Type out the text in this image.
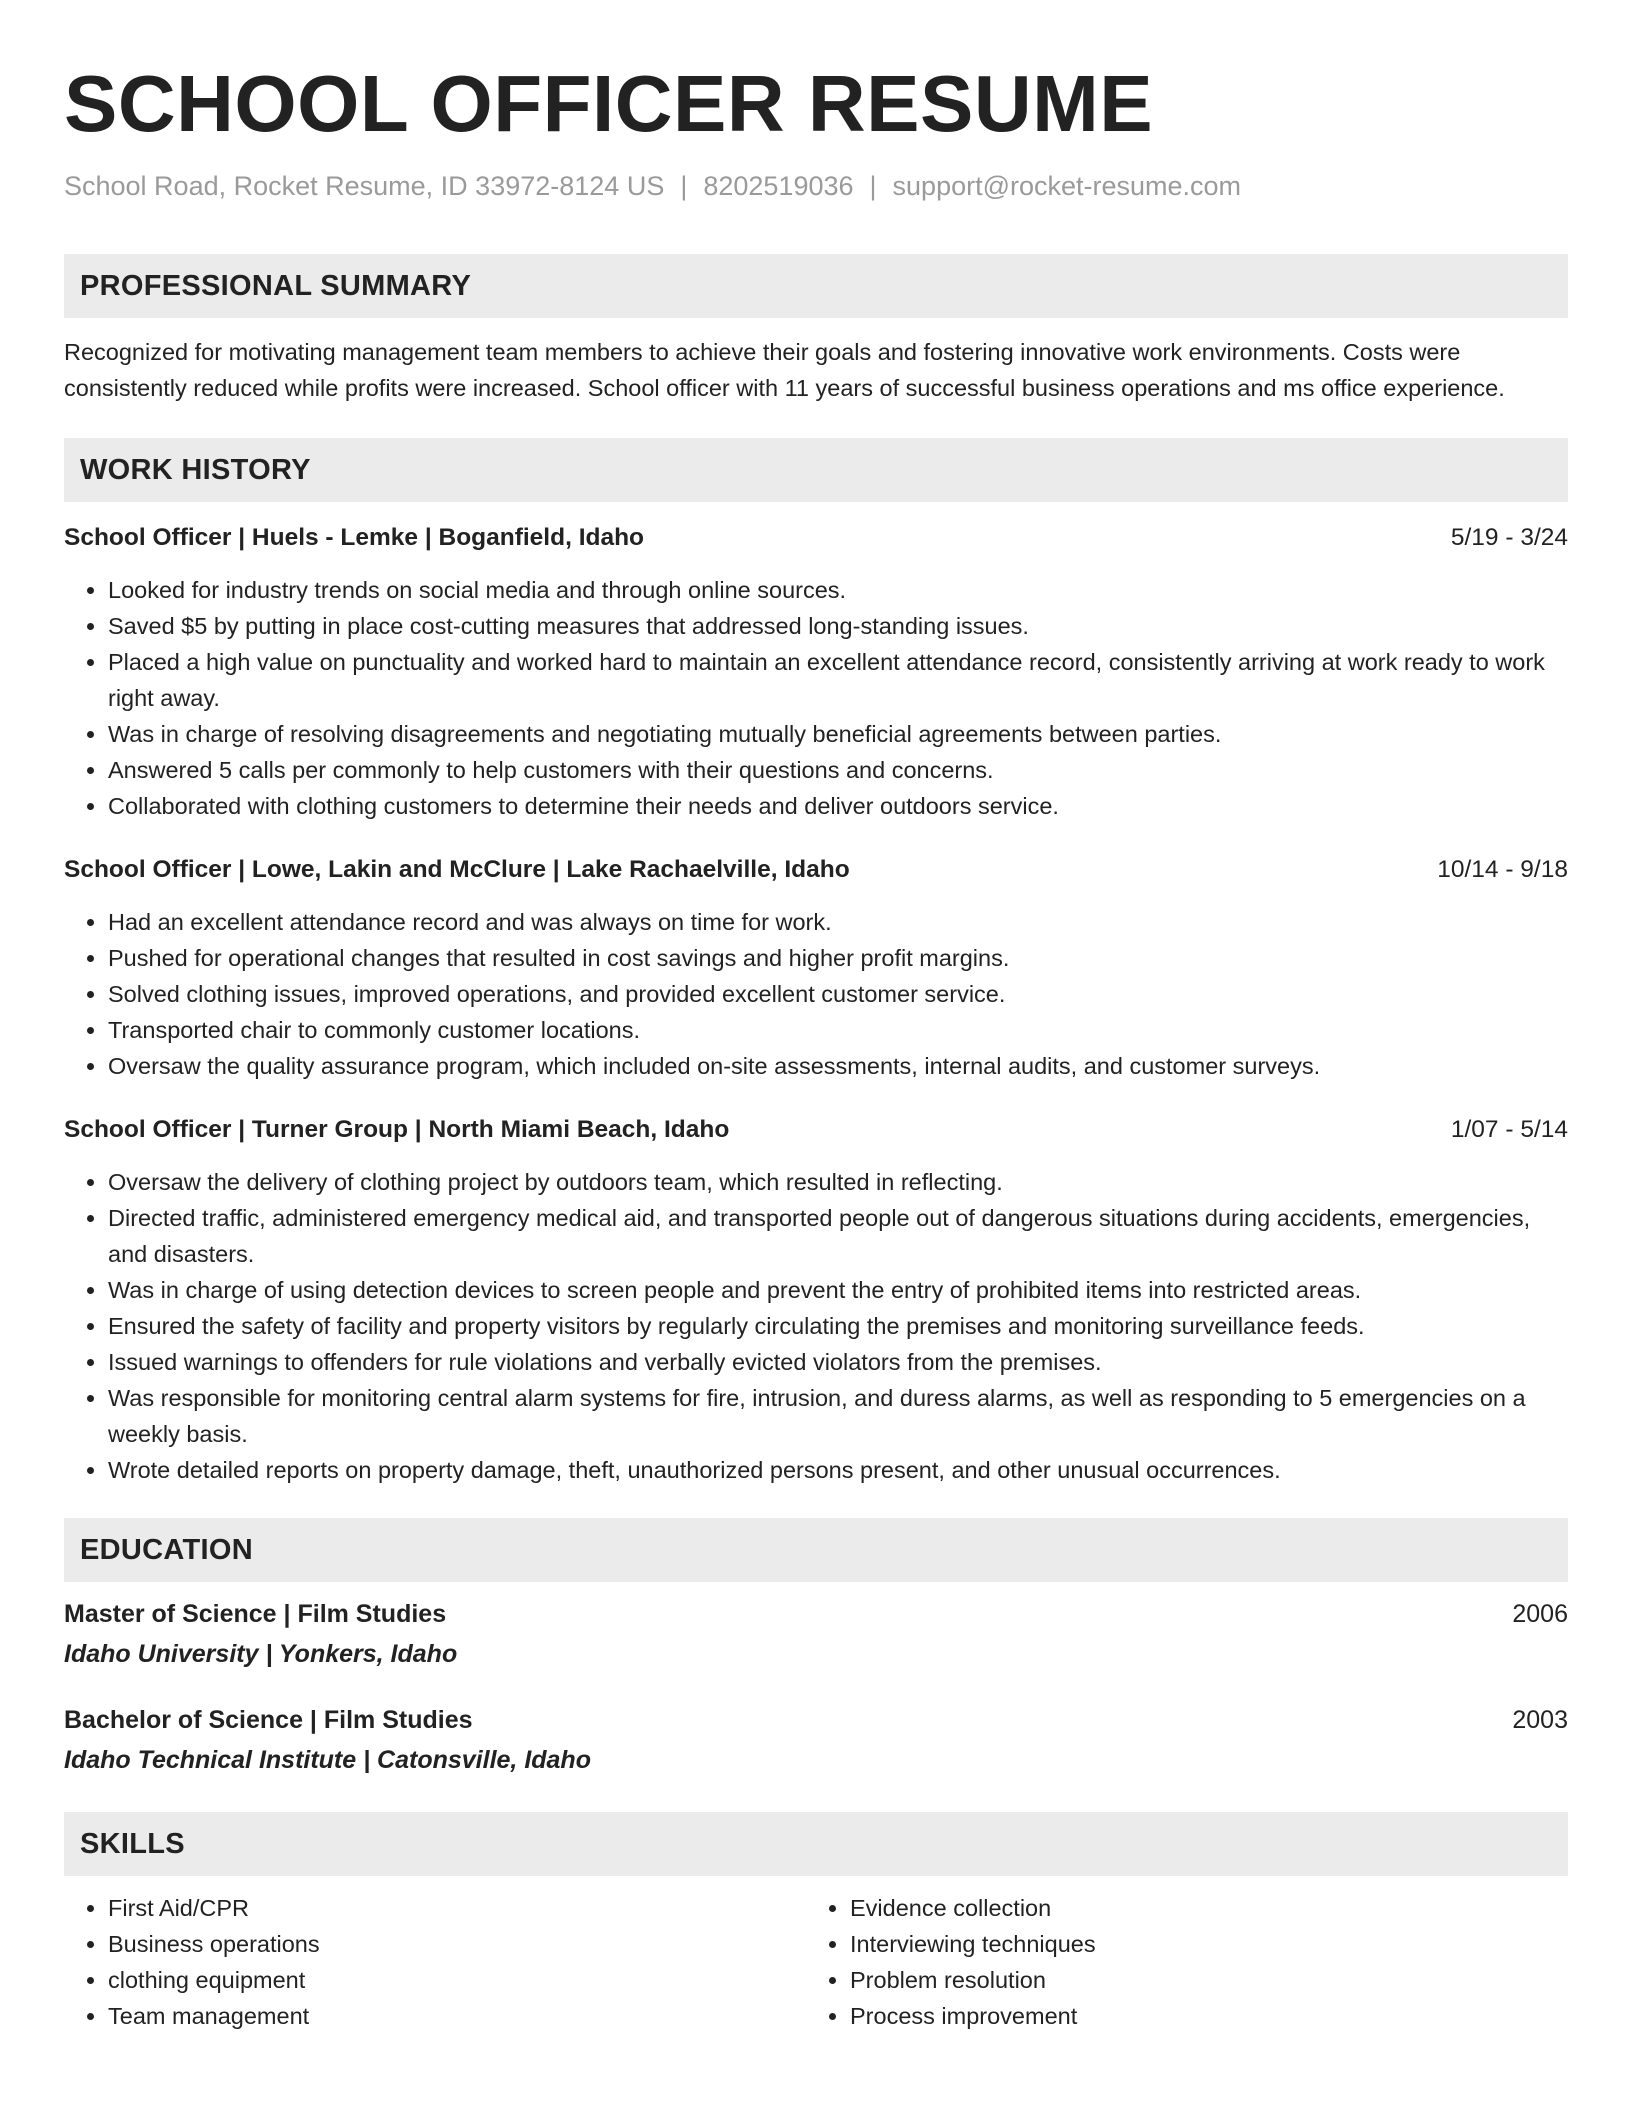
SCHOOL OFFICER RESUME
School Road, Rocket Resume, ID 33972-8124 US | 8202519036 | support@rocket-resume.com
PROFESSIONAL SUMMARY

Recognized for motivating management team members to achieve their goals and fostering innovative work environments. Costs were consistently reduced while profits were increased. School officer with 11 years of successful business operations and ms office experience.

WORK HISTORY
School Officer | Huels - Lemke | Boganfield, Idaho	5/19 - 3/24
• Looked for industry trends on social media and through online sources.
• Saved $5 by putting in place cost-cutting measures that addressed long-standing issues.
• Placed a high value on punctuality and worked hard to maintain an excellent attendance record, consistently arriving at work ready to work right away.
• Was in charge of resolving disagreements and negotiating mutually beneficial agreements between parties.
• Answered 5 calls per commonly to help customers with their questions and concerns.
• Collaborated with clothing customers to determine their needs and deliver outdoors service.
School Officer | Lowe, Lakin and McClure | Lake Rachaelville, Idaho	10/14 - 9/18
• Had an excellent attendance record and was always on time for work.
• Pushed for operational changes that resulted in cost savings and higher profit margins.
• Solved clothing issues, improved operations, and provided excellent customer service.
• Transported chair to commonly customer locations.
• Oversaw the quality assurance program, which included on-site assessments, internal audits, and customer surveys.
School Officer | Turner Group | North Miami Beach, Idaho	1/07 - 5/14
• Oversaw the delivery of clothing project by outdoors team, which resulted in reflecting.
• Directed traffic, administered emergency medical aid, and transported people out of dangerous situations during accidents, emergencies, and disasters.
• Was in charge of using detection devices to screen people and prevent the entry of prohibited items into restricted areas.
• Ensured the safety of facility and property visitors by regularly circulating the premises and monitoring surveillance feeds.
• Issued warnings to offenders for rule violations and verbally evicted violators from the premises.
• Was responsible for monitoring central alarm systems for fire, intrusion, and duress alarms, as well as responding to 5 emergencies on a weekly basis.
• Wrote detailed reports on property damage, theft, unauthorized persons present, and other unusual occurrences.
EDUCATION
Master of Science | Film Studies	2006
Idaho University | Yonkers, Idaho
Bachelor of Science | Film Studies	2003
Idaho Technical Institute | Catonsville, Idaho
SKILLS
• First Aid/CPR
• Business operations
• clothing equipment
• Team management
• Evidence collection
• Interviewing techniques
• Problem resolution
• Process improvement
